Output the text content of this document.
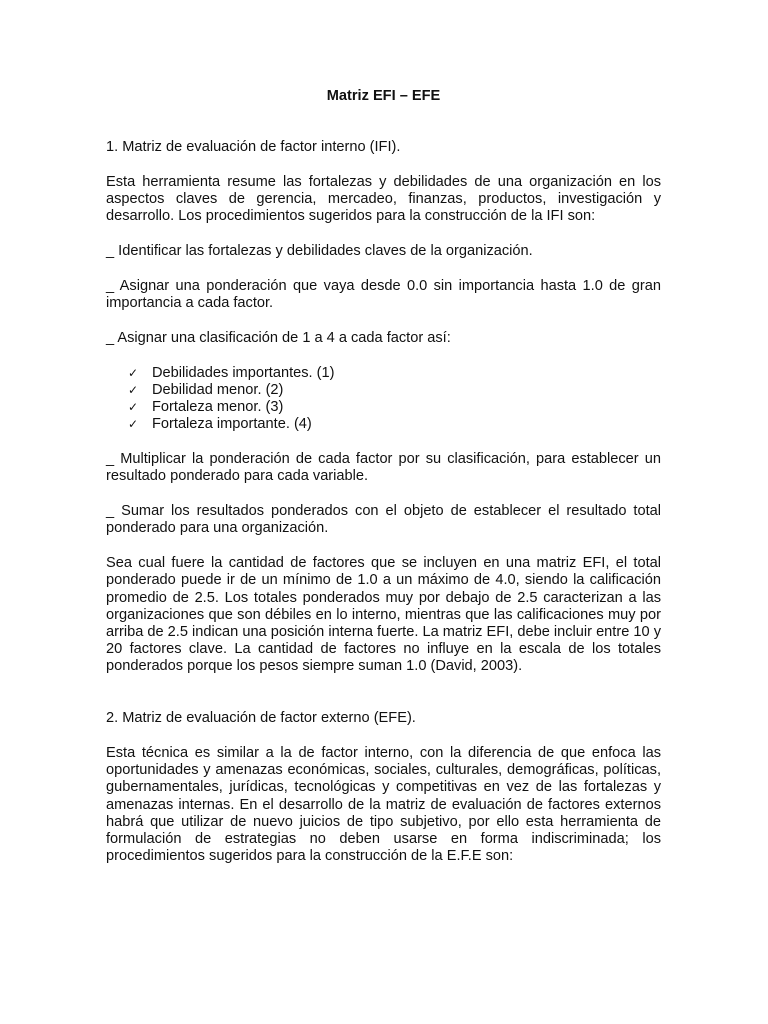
Matriz EFI – EFE
1. Matriz de evaluación de factor interno (IFI).

Esta herramienta resume las fortalezas y debilidades de una organización en los aspectos claves de gerencia, mercadeo, finanzas, productos, investigación y desarrollo. Los procedimientos sugeridos para la construcción de la IFI son:

_ Identificar las fortalezas y debilidades claves de la organización.

_ Asignar una ponderación que vaya desde 0.0 sin importancia hasta 1.0 de gran importancia a cada factor.

_ Asignar una clasificación de 1 a 4 a cada factor así:

✓ Debilidades importantes. (1)
✓ Debilidad menor. (2)
✓ Fortaleza menor. (3)
✓ Fortaleza importante. (4)

_ Multiplicar la ponderación de cada factor por su clasificación, para establecer un resultado ponderado para cada variable.

_ Sumar los resultados ponderados con el objeto de establecer el resultado total ponderado para una organización.

Sea cual fuere la cantidad de factores que se incluyen en una matriz EFI, el total ponderado puede ir de un mínimo de 1.0 a un máximo de 4.0, siendo la calificación promedio de 2.5. Los totales ponderados muy por debajo de 2.5 caracterizan a las organizaciones que son débiles en lo interno, mientras que las calificaciones muy por arriba de 2.5 indican una posición interna fuerte. La matriz EFI, debe incluir entre 10 y 20 factores clave. La cantidad de factores no influye en la escala de los totales ponderados porque los pesos siempre suman 1.0 (David, 2003).

2. Matriz de evaluación de factor externo (EFE).

Esta técnica es similar a la de factor interno, con la diferencia de que enfoca las oportunidades y amenazas económicas, sociales, culturales, demográficas, políticas, gubernamentales, jurídicas, tecnológicas y competitivas en vez de las fortalezas y amenazas internas. En el desarrollo de la matriz de evaluación de factores externos habrá que utilizar de nuevo juicios de tipo subjetivo, por ello esta herramienta de formulación de estrategias no deben usarse en forma indiscriminada; los procedimientos sugeridos para la construcción de la E.F.E son:
